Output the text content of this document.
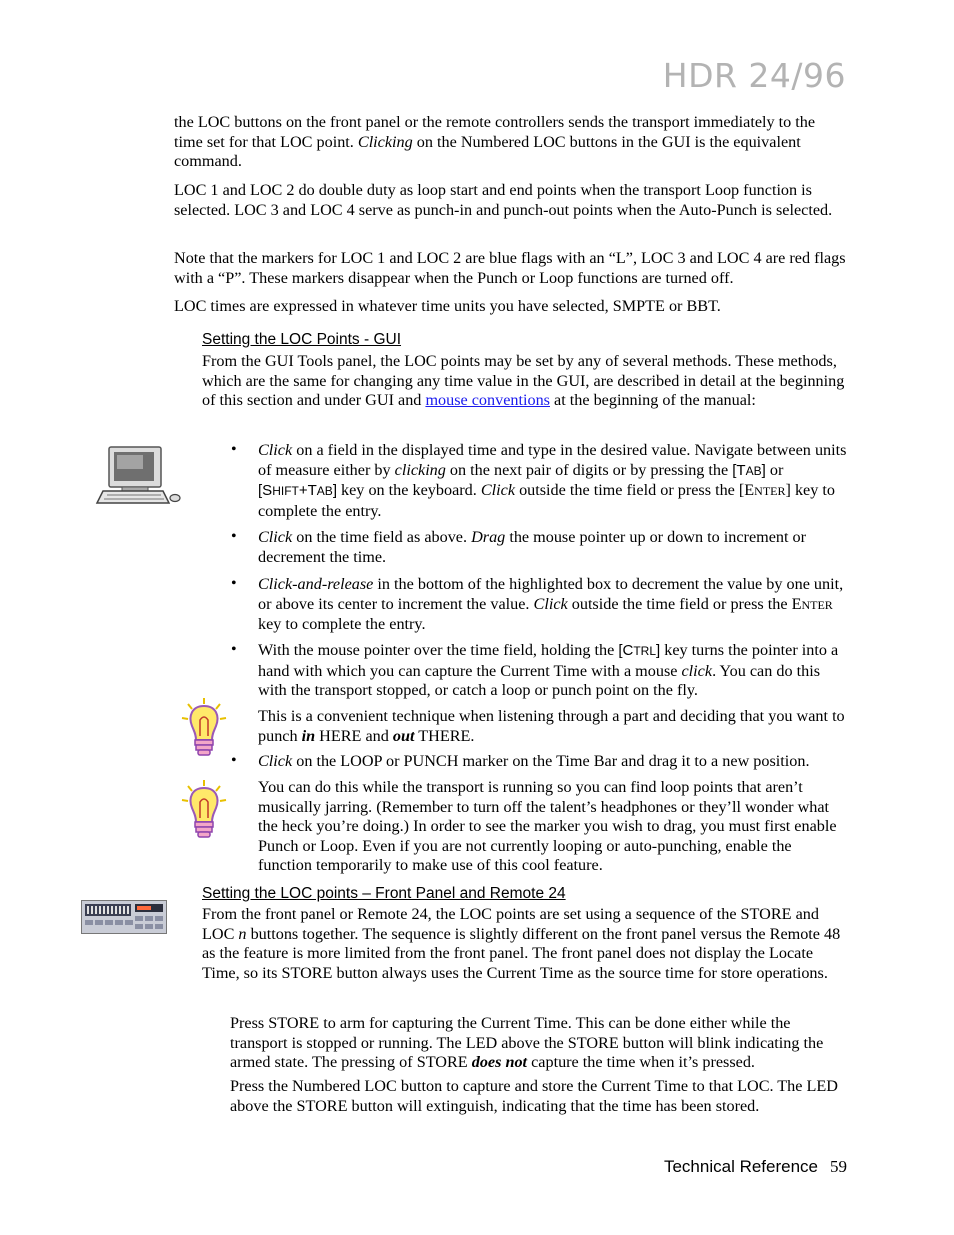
HDR 24/96

the LOC buttons on the front panel or the remote controllers sends the transport immediately to the time set for that LOC point. Clicking on the Numbered LOC buttons in the GUI is the equivalent command.

LOC 1 and LOC 2 do double duty as loop start and end points when the transport Loop function is selected. LOC 3 and LOC 4 serve as punch-in and punch-out points when the Auto-Punch is selected.

Note that the markers for LOC 1 and LOC 2 are blue flags with an “L”, LOC 3 and LOC 4 are red flags with a “P”. These markers disappear when the Punch or Loop functions are turned off.

LOC times are expressed in whatever time units you have selected, SMPTE or BBT.

Setting the LOC Points - GUI

From the GUI Tools panel, the LOC points may be set by any of several methods. These methods, which are the same for changing any time value in the GUI, are described in detail at the beginning of this section and under GUI and mouse conventions at the beginning of the manual:

• Click on a field in the displayed time and type in the desired value. Navigate between units of measure either by clicking on the next pair of digits or by pressing the [TAB] or [SHIFT+TAB] key on the keyboard. Click outside the time field or press the [ENTER] key to complete the entry.

• Click on the time field as above. Drag the mouse pointer up or down to increment or decrement the time.

• Click-and-release in the bottom of the highlighted box to decrement the value by one unit, or above its center to increment the value. Click outside the time field or press the ENTER key to complete the entry.

• With the mouse pointer over the time field, holding the [CTRL] key turns the pointer into a hand with which you can capture the Current Time with a mouse click. You can do this with the transport stopped, or catch a loop or punch point on the fly.

This is a convenient technique when listening through a part and deciding that you want to punch in HERE and out THERE.

• Click on the LOOP or PUNCH marker on the Time Bar and drag it to a new position.

You can do this while the transport is running so you can find loop points that aren’t musically jarring. (Remember to turn off the talent’s headphones or they’ll wonder what the heck you’re doing.) In order to see the marker you wish to drag, you must first enable Punch or Loop. Even if you are not currently looping or auto-punching, enable the function temporarily to make use of this cool feature.

Setting the LOC points – Front Panel and Remote 24

From the front panel or Remote 24, the LOC points are set using a sequence of the STORE and LOC n buttons together. The sequence is slightly different on the front panel versus the Remote 48 as the feature is more limited from the front panel. The front panel does not display the Locate Time, so its STORE button always uses the Current Time as the source time for store operations.

Press STORE to arm for capturing the Current Time. This can be done either while the transport is stopped or running. The LED above the STORE button will blink indicating the armed state. The pressing of STORE does not capture the time when it’s pressed.

Press the Numbered LOC button to capture and store the Current Time to that LOC. The LED above the STORE button will extinguish, indicating that the time has been stored.

Technical Reference 59
